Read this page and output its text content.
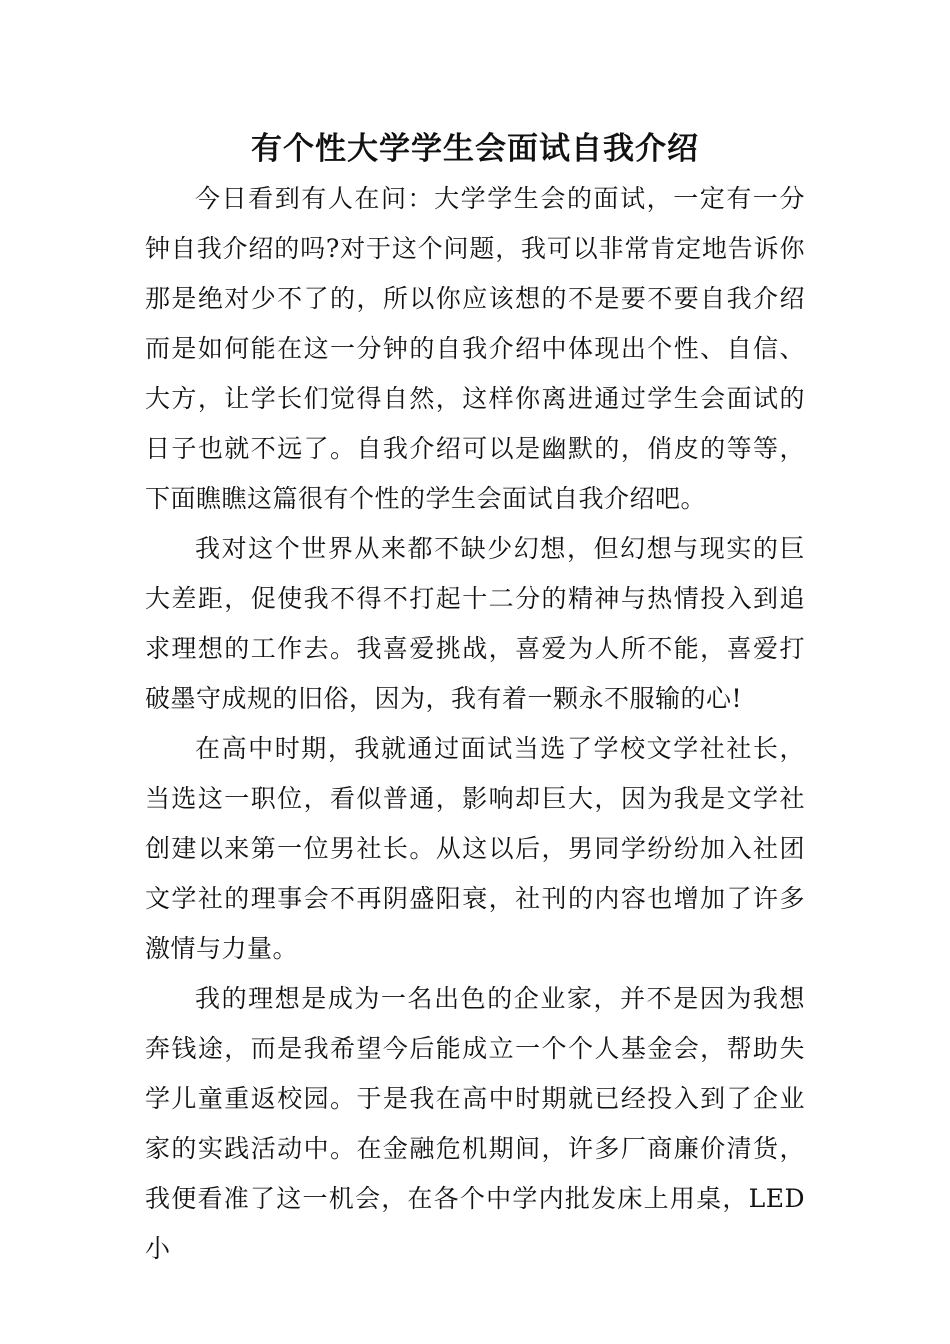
有个性大学学生会面试自我介绍

今日看到有人在问：大学学生会的面试，一定有一分钟自我介绍的吗?对于这个问题，我可以非常肯定地告诉你那是绝对少不了的，所以你应该想的不是要不要自我介绍而是如何能在这一分钟的自我介绍中体现出个性、自信、大方，让学长们觉得自然，这样你离进通过学生会面试的日子也就不远了。自我介绍可以是幽默的，俏皮的等等，下面瞧瞧这篇很有个性的学生会面试自我介绍吧。

我对这个世界从来都不缺少幻想，但幻想与现实的巨大差距，促使我不得不打起十二分的精神与热情投入到追求理想的工作去。我喜爱挑战，喜爱为人所不能，喜爱打破墨守成规的旧俗，因为，我有着一颗永不服输的心!

在高中时期，我就通过面试当选了学校文学社社长，当选这一职位，看似普通，影响却巨大，因为我是文学社创建以来第一位男社长。从这以后，男同学纷纷加入社团文学社的理事会不再阴盛阳衰，社刊的内容也增加了许多激情与力量。

我的理想是成为一名出色的企业家，并不是因为我想奔钱途，而是我希望今后能成立一个个人基金会，帮助失学儿童重返校园。于是我在高中时期就已经投入到了企业家的实践活动中。在金融危机期间，许多厂商廉价清货，我便看准了这一机会，在各个中学内批发床上用桌，LED小
